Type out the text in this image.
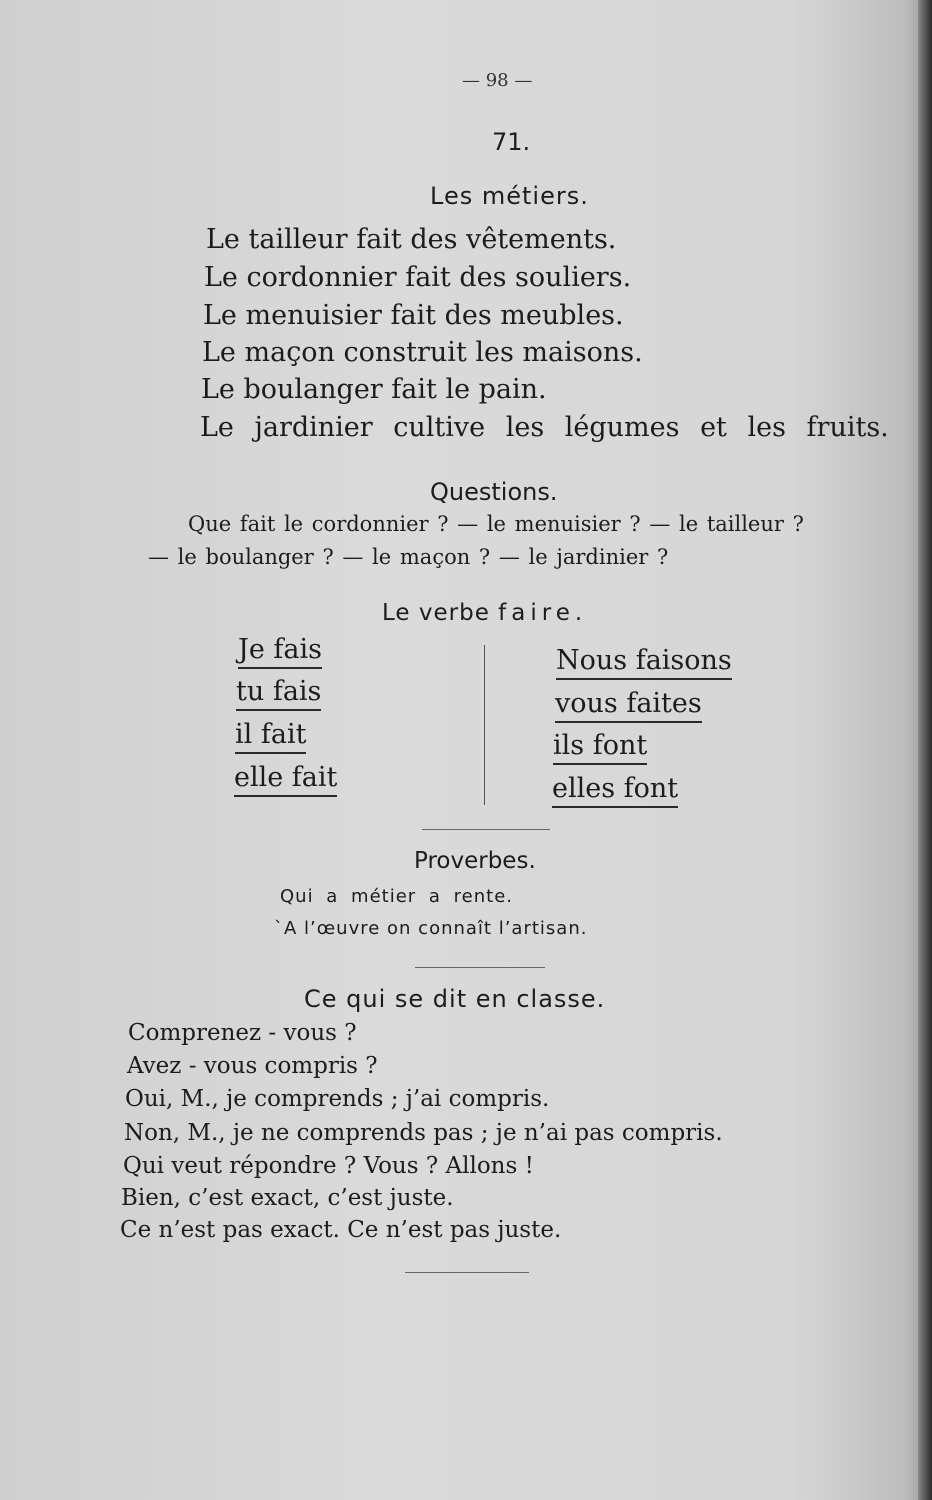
— 98 —
71.
Les métiers.
Le tailleur fait des vêtements.
Le cordonnier fait des souliers.
Le menuisier fait des meubles.
Le maçon construit les maisons.
Le boulanger fait le pain.
Le jardinier cultive les légumes et les fruits.
Questions.
Que fait le cordonnier ? — le menuisier ? — le tailleur ?
— le boulanger ? — le maçon ? — le jardinier ?
Le verbe faire.
Je fais
tu fais
il fait
elle fait
Nous faisons
vous faites
ils font
elles font
Proverbes.
Qui a métier a rente.
`A l’œuvre on connaît l’artisan.
Ce qui se dit en classe.
Comprenez - vous ?
Avez - vous compris ?
Oui, M., je comprends ; j’ai compris.
Non, M., je ne comprends pas ; je n’ai pas compris.
Qui veut répondre ? Vous ? Allons !
Bien, c’est exact, c’est juste.
Ce n’est pas exact. Ce n’est pas juste.
